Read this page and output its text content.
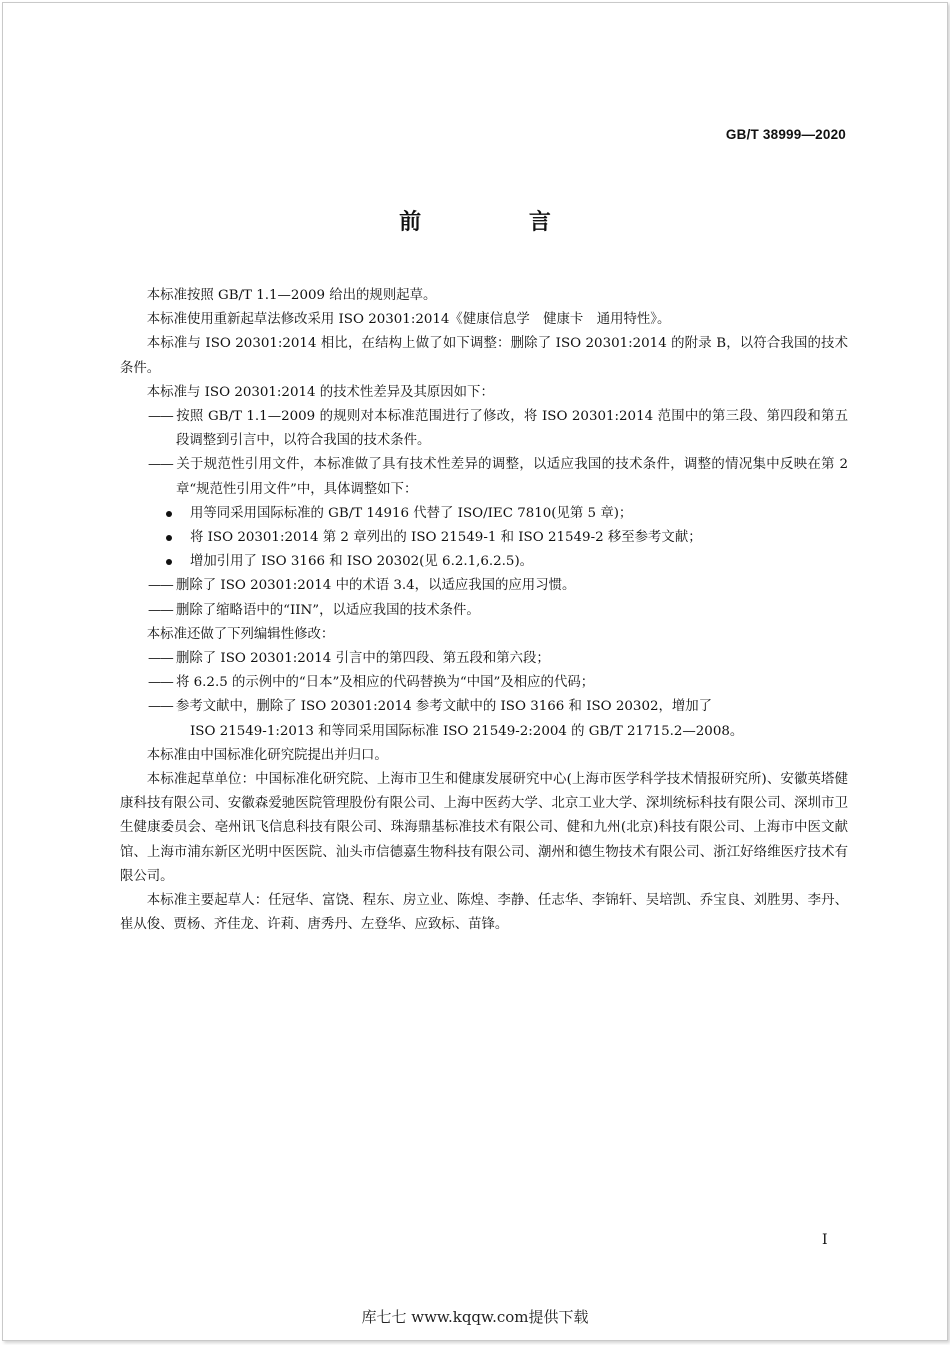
GB/T 38999—2020
前 言

本标准按照 GB/T 1.1—2009 给出的规则起草。

本标准使用重新起草法修改采用 ISO 20301:2014《健康信息学　健康卡　通用特性》。

本标准与 ISO 20301:2014 相比，在结构上做了如下调整：删除了 ISO 20301:2014 的附录 B，以符合我国的技术条件。

本标准与 ISO 20301:2014 的技术性差异及其原因如下：

—— 按照 GB/T 1.1—2009 的规则对本标准范围进行了修改，将 ISO 20301:2014 范围中的第三段、第四段和第五段调整到引言中，以符合我国的技术条件。

—— 关于规范性引用文件，本标准做了具有技术性差异的调整，以适应我国的技术条件，调整的情况集中反映在第 2 章“规范性引用文件”中，具体调整如下：

用等同采用国际标准的 GB/T 14916 代替了 ISO/IEC 7810(见第 5 章)；

将 ISO 20301:2014 第 2 章列出的 ISO 21549-1 和 ISO 21549-2 移至参考文献；

增加引用了 ISO 3166 和 ISO 20302(见 6.2.1,6.2.5)。

—— 删除了 ISO 20301:2014 中的术语 3.4，以适应我国的应用习惯。

—— 删除了缩略语中的“IIN”，以适应我国的技术条件。

本标准还做了下列编辑性修改：

—— 删除了 ISO 20301:2014 引言中的第四段、第五段和第六段；

—— 将 6.2.5 的示例中的“日本”及相应的代码替换为“中国”及相应的代码；

—— 参考文献中，删除了 ISO 20301:2014 参考文献中的 ISO 3166 和 ISO 20302，增加了

ISO 21549-1:2013 和等同采用国际标准 ISO 21549-2:2004 的 GB/T 21715.2—2008。

本标准由中国标准化研究院提出并归口。

本标准起草单位：中国标准化研究院、上海市卫生和健康发展研究中心(上海市医学科学技术情报研究所)、安徽英塔健康科技有限公司、安徽森爱驰医院管理股份有限公司、上海中医药大学、北京工业大学、深圳统标科技有限公司、深圳市卫生健康委员会、亳州讯飞信息科技有限公司、珠海鼎基标准技术有限公司、健和九州(北京)科技有限公司、上海市中医文献馆、上海市浦东新区光明中医医院、汕头市信德嘉生物科技有限公司、潮州和德生物技术有限公司、浙江好络维医疗技术有限公司。

本标准主要起草人：任冠华、富饶、程东、房立业、陈煌、李静、任志华、李锦轩、吴培凯、乔宝良、刘胜男、李丹、崔从俊、贾杨、齐佳龙、许莉、唐秀丹、左登华、应致标、苗锋。

I
库七七 www.kqqw.com提供下载
